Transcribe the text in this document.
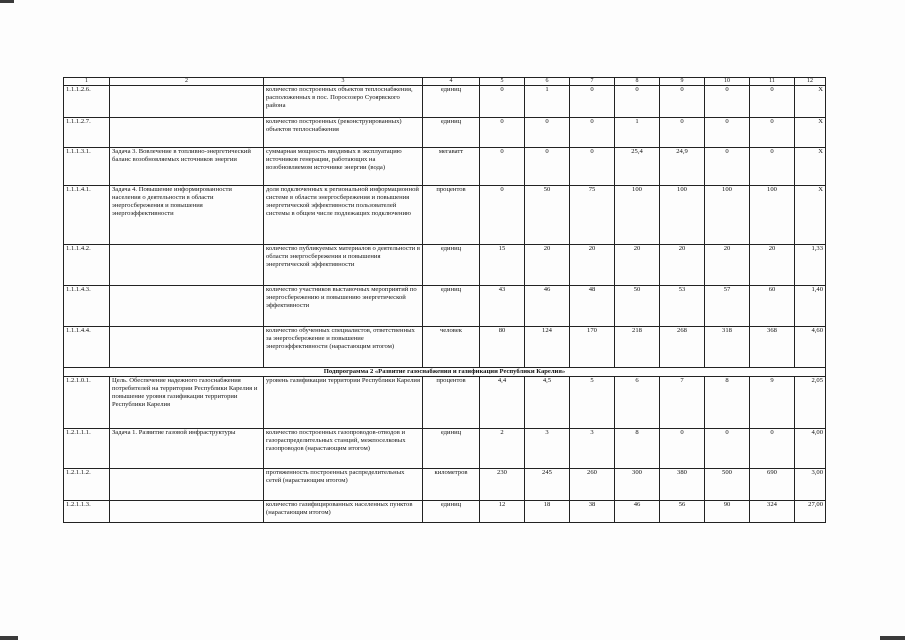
1	2	3	4	5	6	7	8	9	10	11	12
1.1.1.2.6.		количество построенных объектов теплоснабжения, расположенных в пос. Поросозеро Суоярвского района	единиц	0	1	0	0	0	0	0	X
1.1.1.2.7.		количество построенных (реконструированных) объектов теплоснабжения	единиц	0	0	0	1	0	0	0	X
1.1.1.3.1.	Задача 3. Вовлечение в топливно-энергетический баланс возобновляемых источников энергии	суммарная мощность вводимых в эксплуатацию источников генерации, работающих на возобновляемом источнике энергии (вода)	мегаватт	0	0	0	25,4	24,9	0	0	X
1.1.1.4.1.	Задача 4. Повышение информированности населения о деятельности в области энергосбережения и повышения энергоэффективности	доля подключенных к региональной информационной системе в области энергосбережения и повышения энергетической эффективности пользователей системы в общем числе подлежащих подключению	процентов	0	50	75	100	100	100	100	X
1.1.1.4.2.		количество публикуемых материалов о деятельности в области энергосбережения и повышения энергетической эффективности	единиц	15	20	20	20	20	20	20	1,33
1.1.1.4.3.		количество участников выставочных мероприятий по энергосбережению и повышению энергетической эффективности	единиц	43	46	48	50	53	57	60	1,40
1.1.1.4.4.		количество обученных специалистов, ответственных за энергосбережение и повышение энергоэффективности (нарастающим итогом)	человек	80	124	170	218	268	318	368	4,60
Подпрограмма 2 «Развитие газоснабжения и газификации Республики Карелия»											
1.2.1.0.1.	Цель. Обеспечение надежного газоснабжения потребителей на территории Республики Карелия и повышение уровня газификации территории Республики Карелия	уровень газификации территории Республики Карелия	процентов	4,4	4,5	5	6	7	8	9	2,05
1.2.1.1.1.	Задача 1. Развитие газовой инфраструктуры	количество построенных газопроводов-отводов и газораспределительных станций, межпоселковых газопроводов (нарастающим итогом)	единиц	2	3	3	8	0	0	0	4,00
1.2.1.1.2.		протяженность построенных распределительных сетей (нарастающим итогом)	километров	230	245	260	300	380	500	690	3,00
1.2.1.1.3.		количество газифицированных населенных пунктов (нарастающим итогом)	единиц	12	18	38	46	56	90	324	27,00
